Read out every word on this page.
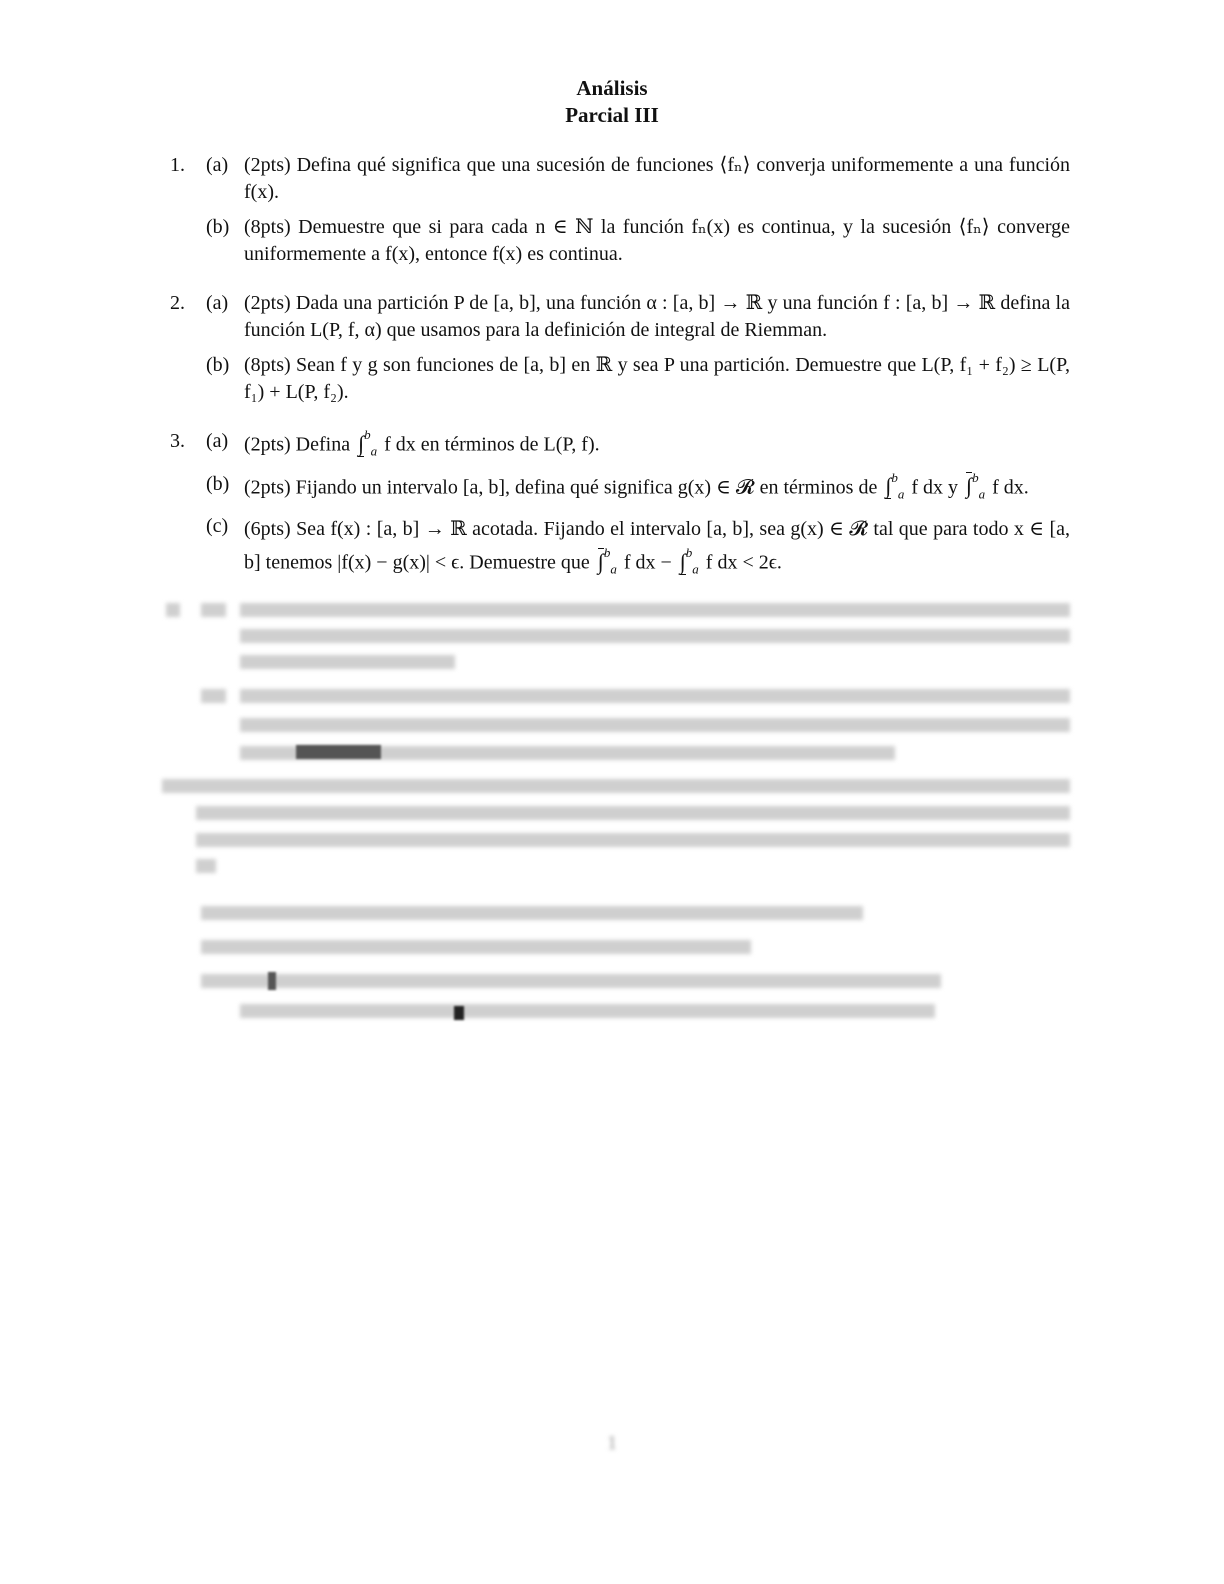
Análisis
Parcial III
1.	(a) (2pts) Defina qué significa que una sucesión de funciones ⟨fₙ⟩ converja uniformemente a una función f(x).
(b) (8pts) Demuestre que si para cada n ∈ ℕ la función fₙ(x) es continua, y la sucesión ⟨fₙ⟩ converge uniformemente a f(x), entonce f(x) es continua.
2.	(a) (2pts) Dada una partición P de [a, b], una función α : [a, b] → ℝ y una función f : [a, b] → ℝ defina la función L(P, f, α) que usamos para la definición de integral de Riemman.
(b) (8pts) Sean f y g son funciones de [a, b] en ℝ y sea P una partición. Demuestre que L(P, f₁ + f₂) ≥ L(P, f₁) + L(P, f₂).
3.	(a) (2pts) Defina ∫$^b_a$ f dx en términos de L(P, f).
(b) (2pts) Fijando un intervalo [a, b], defina qué significa g(x) ∈ 𝓡 en términos de ∫$^b_a$ f dx y ∫$^b_a$ f dx.
(c) (6pts) Sea f(x) : [a, b] → ℝ acotada. Fijando el intervalo [a, b], sea g(x) ∈ 𝓡 tal que para todo x ∈ [a, b] tenemos |f(x) − g(x)| < ϵ. Demuestre que ∫$^b_a$ f dx − ∫$^b_a$ f dx < 2ϵ.
1
